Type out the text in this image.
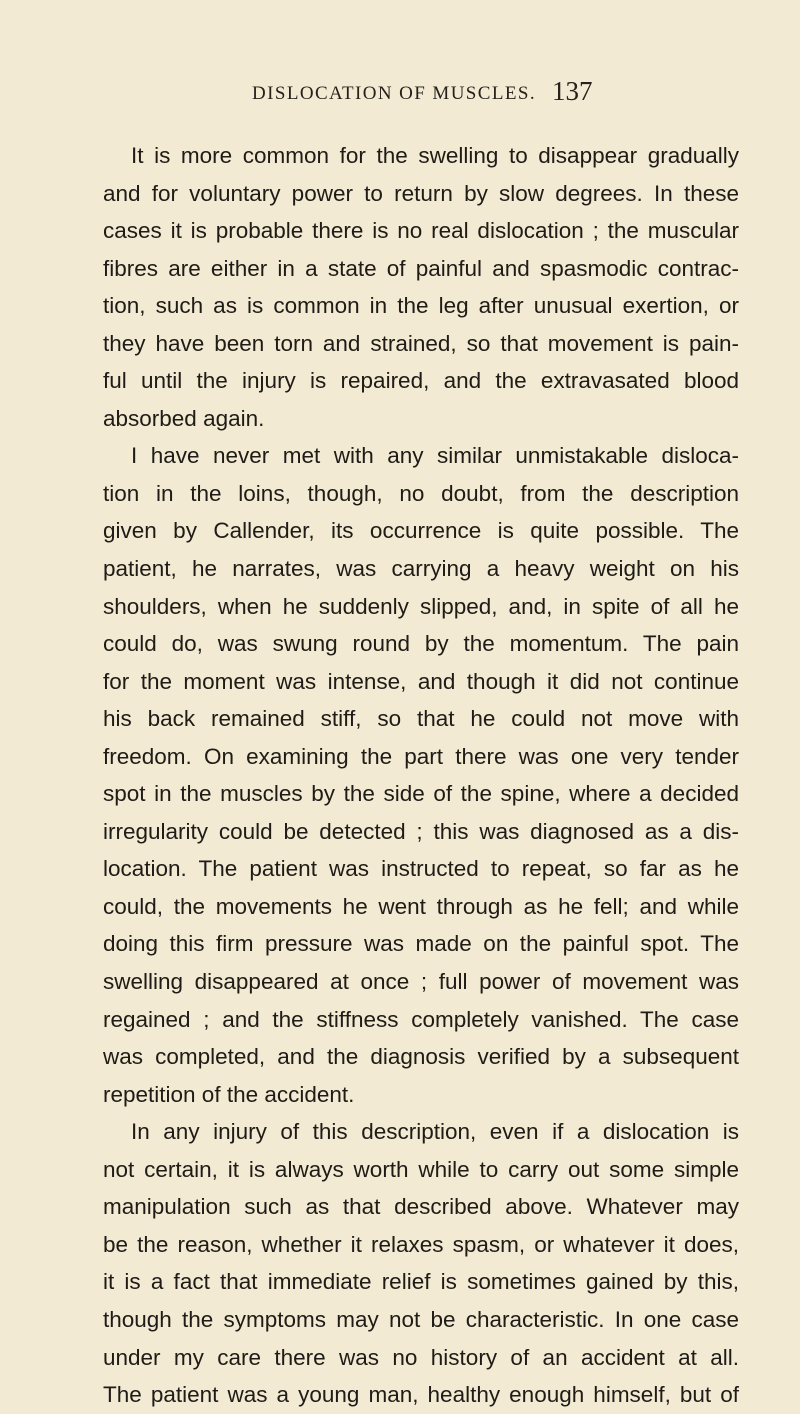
DISLOCATION OF MUSCLES. 137
It is more common for the swelling to disappear gradually
and for voluntary power to return by slow degrees. In these
cases it is probable there is no real dislocation ; the muscular
fibres are either in a state of painful and spasmodic contrac-
tion, such as is common in the leg after unusual exertion, or
they have been torn and strained, so that movement is pain-
ful until the injury is repaired, and the extravasated blood
absorbed again.
I have never met with any similar unmistakable disloca-
tion in the loins, though, no doubt, from the description
given by Callender, its occurrence is quite possible. The
patient, he narrates, was carrying a heavy weight on his
shoulders, when he suddenly slipped, and, in spite of all he
could do, was swung round by the momentum. The pain
for the moment was intense, and though it did not continue
his back remained stiff, so that he could not move with
freedom. On examining the part there was one very tender
spot in the muscles by the side of the spine, where a decided
irregularity could be detected ; this was diagnosed as a dis-
location. The patient was instructed to repeat, so far as he
could, the movements he went through as he fell; and while
doing this firm pressure was made on the painful spot. The
swelling disappeared at once ; full power of movement was
regained ; and the stiffness completely vanished. The case
was completed, and the diagnosis verified by a subsequent
repetition of the accident.
In any injury of this description, even if a dislocation is
not certain, it is always worth while to carry out some simple
manipulation such as that described above. Whatever may
be the reason, whether it relaxes spasm, or whatever it does,
it is a fact that immediate relief is sometimes gained by this,
though the symptoms may not be characteristic. In one case
under my care there was no history of an accident at all.
The patient was a young man, healthy enough himself, but of
